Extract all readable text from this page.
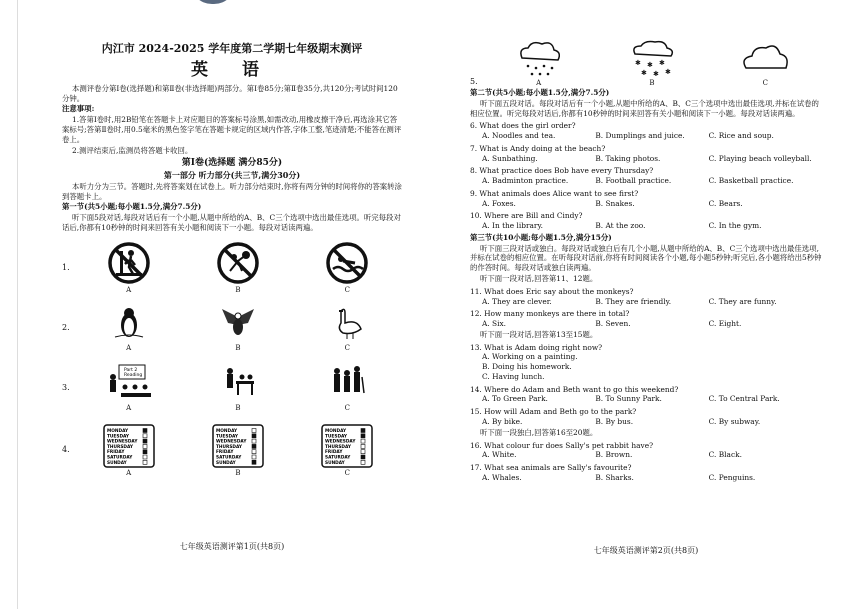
内江市 2024-2025 学年度第二学期七年级期末测评
英 语
本测评卷分第Ⅰ卷(选择题)和第Ⅱ卷(非选择题)两部分。第Ⅰ卷85分;第Ⅱ卷35分,共120分;考试时间120分钟。
注意事项:
1.答第Ⅰ卷时,用2B铅笔在答题卡上对应题目的答案标号涂黑,如需改动,用橡皮擦干净后,再选涂其它答案标号;答第Ⅱ卷时,用0.5毫米的黑色签字笔在答题卡规定的区域内作答,字体工整,笔迹清楚;不能答在测评卷上。
2.测评结束后,监测员将答题卡收回。
第Ⅰ卷(选择题 满分85分)
第一部分 听力部分(共三节,满分30分)
本听力分为三节。答题时,先将答案划在试卷上。听力部分结束时,你将有两分钟的时间将你的答案转涂到答题卡上。
第一节(共5小题;每小题1.5分,满分7.5分)
听下面5段对话,每段对话后有一个小题,从题中所给的A、B、C三个选项中选出最佳选项。听完每段对话后,你都有10秒钟的时间来回答有关小题和阅读下一小题。每段对话读两遍。
1.
A	B	C
2.
A	B	C
3.
Part 2
Reading
A	B	C
4.
MONDAY
TUESDAY
WEDNESDAY
THURSDAY
FRIDAY
SATURDAY
SUNDAY
A
MONDAY
TUESDAY
WEDNESDAY
THURSDAY
FRIDAY
SATURDAY
SUNDAY
B
MONDAY
TUESDAY
WEDNESDAY
THURSDAY
FRIDAY
SATURDAY
SUNDAY
C
七年级英语测评第1页(共8页)
5.	A
✱ ✱ ✱
✱ ✱ ✱
B	C
第二节(共5小题;每小题1.5分,满分7.5分)
听下面五段对话。每段对话后有一个小题,从题中所给的A、B、C三个选项中选出最佳选项,并标在试卷的相应位置。听完每段对话后,你都有10秒钟的时间来回答有关小题和阅读下一小题。每段对话读两遍。
6. What does the girl order?
A. Noodles and tea.	B. Dumplings and juice.	C. Rice and soup.
7. What is Andy doing at the beach?
A. Sunbathing.	B. Taking photos.	C. Playing beach volleyball.
8. What practice does Bob have every Thursday?
A. Badminton practice.	B. Football practice.	C. Basketball practice.
9. What animals does Alice want to see first?
A. Foxes.	B. Snakes.	C. Bears.
10. Where are Bill and Cindy?
A. In the library.	B. At the zoo.	C. In the gym.
第三节(共10小题;每小题1.5分,满分15分)
听下面三段对话或独白。每段对话或独白后有几个小题,从题中所给的A、B、C三个选项中选出最佳选项,并标在试卷的相应位置。在听每段对话前,你将有时间阅读各个小题,每小题5秒钟;听完后,各小题将给出5秒钟的作答时间。每段对话或独白读两遍。
听下面一段对话,回答第11、12题。
11. What does Eric say about the monkeys?
A. They are clever.	B. They are friendly.	C. They are funny.
12. How many monkeys are there in total?
A. Six.	B. Seven.	C. Eight.
听下面一段对话,回答第13至15题。
13. What is Adam doing right now?
A. Working on a painting.
B. Doing his homework.
C. Having lunch.
14. Where do Adam and Beth want to go this weekend?
A. To Green Park.	B. To Sunny Park.	C. To Central Park.
15. How will Adam and Beth go to the park?
A. By bike.	B. By bus.	C. By subway.
听下面一段独白,回答第16至20题。
16. What colour fur does Sally's pet rabbit have?
A. White.	B. Brown.	C. Black.
17. What sea animals are Sally's favourite?
A. Whales.	B. Sharks.	C. Penguins.
七年级英语测评第2页(共8页)
